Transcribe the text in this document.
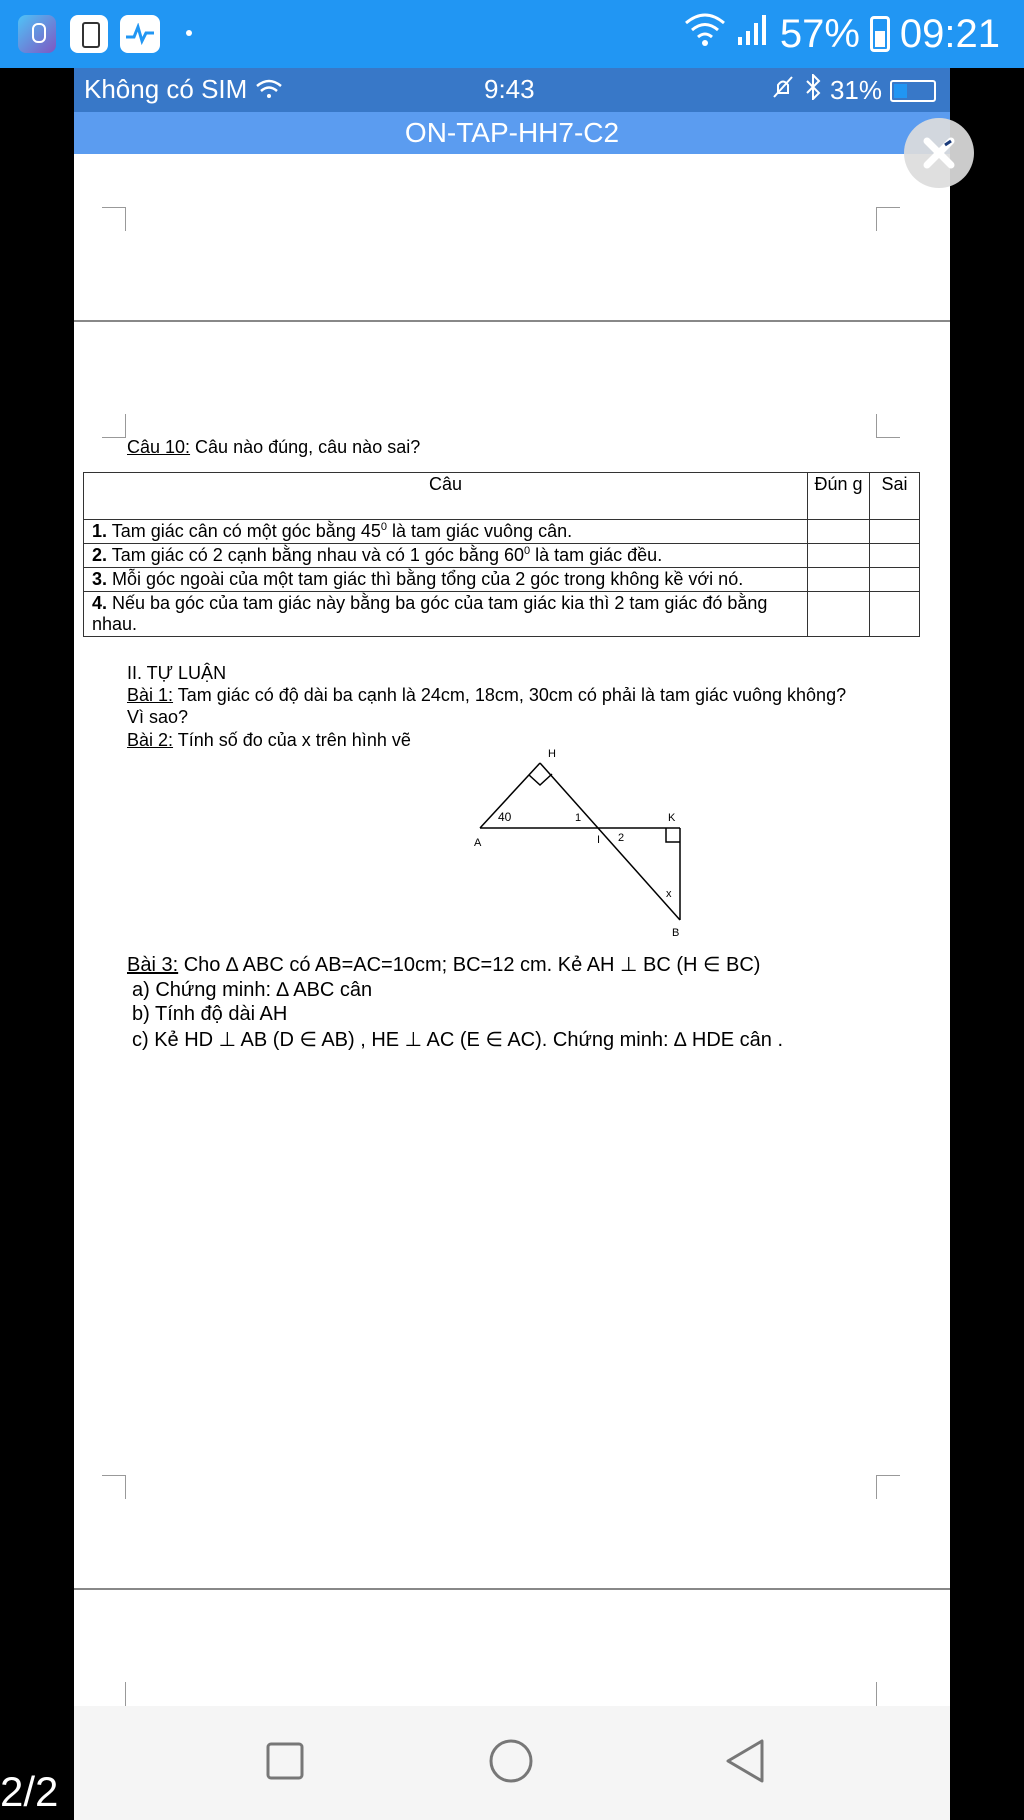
57% 09:21
Không có SIM	9:43	31%
ON-TAP-HH7-C2
Câu 10: Câu nào đúng, câu nào sai?
Câu	Đún g	Sai
1. Tam giác cân có một góc bằng $45^0$ là tam giác vuông cân.		
2. Tam giác có 2 cạnh bằng nhau và có 1 góc bằng $60^0$ là tam giác đều.		
3. Mỗi góc ngoài của một tam giác thì bằng tổng của 2 góc trong không kề với nó.		
4. Nếu ba góc của tam giác này bằng ba góc của tam giác kia thì 2 tam giác đó bằng nhau.		
II. TỰ LUẬN
Bài 1: Tam giác có độ dài ba cạnh là 24cm, 18cm, 30cm có phải là tam giác vuông không? Vì sao?
Bài 2: Tính số đo của x trên hình vẽ
H
A	I
K
B
40	1
2
x
Bài 3: Cho ∆ ABC có AB=AC=10cm; BC=12 cm. Kẻ AH ⊥ BC (H ∈ BC)
a) Chứng minh: ∆ ABC cân
b) Tính độ dài AH
c) Kẻ HD ⊥ AB (D ∈ AB) , HE ⊥ AC (E ∈ AC). Chứng minh: ∆ HDE cân .
2/2
